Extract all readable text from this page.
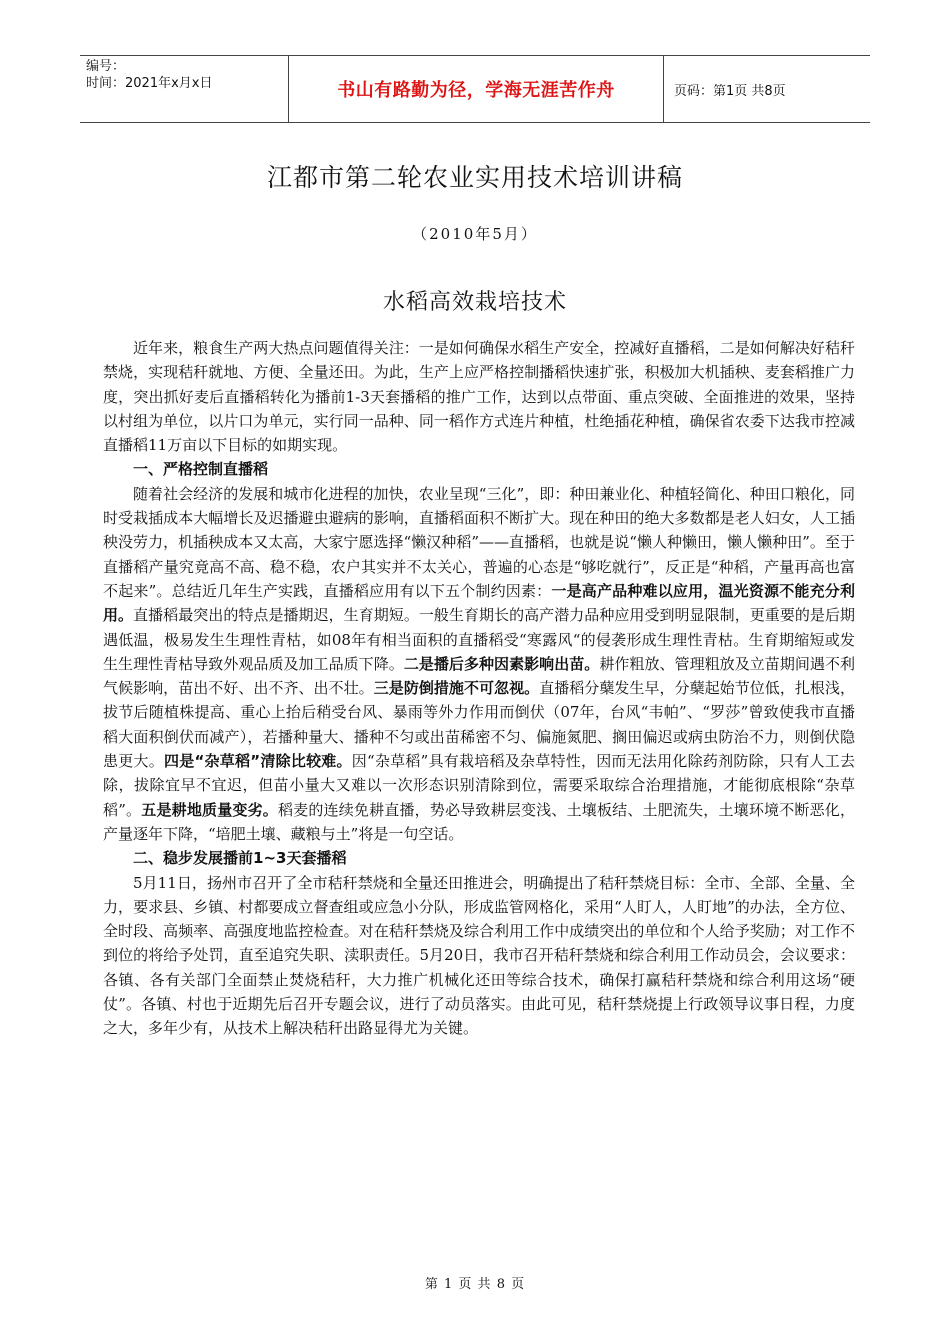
编号：
时间：2021年x月x日	书山有路勤为径，学海无涯苦作舟	页码：第1页 共8页
江都市第二轮农业实用技术培训讲稿
（2010年5月）
水稻高效栽培技术

近年来，粮食生产两大热点问题值得关注：一是如何确保水稻生产安全，控减好直播稻，二是如何解决好秸秆禁烧，实现秸秆就地、方便、全量还田。为此，生产上应严格控制播稻快速扩张，积极加大机插秧、麦套稻推广力度，突出抓好麦后直播稻转化为播前1-3天套播稻的推广工作，达到以点带面、重点突破、全面推进的效果，坚持以村组为单位，以片口为单元，实行同一品种、同一稻作方式连片种植，杜绝插花种植，确保省农委下达我市控减直播稻11万亩以下目标的如期实现。

一、严格控制直播稻

随着社会经济的发展和城市化进程的加快，农业呈现“三化”，即：种田兼业化、种植轻简化、种田口粮化，同时受栽插成本大幅增长及迟播避虫避病的影响，直播稻面积不断扩大。现在种田的绝大多数都是老人妇女，人工插秧没劳力，机插秧成本又太高，大家宁愿选择“懒汉种稻”——直播稻，也就是说“懒人种懒田，懒人懒种田”。至于直播稻产量究竟高不高、稳不稳，农户其实并不太关心，普遍的心态是“够吃就行”，反正是“种稻，产量再高也富不起来”。总结近几年生产实践，直播稻应用有以下五个制约因素：一是高产品种难以应用，温光资源不能充分利用。直播稻最突出的特点是播期迟，生育期短。一般生育期长的高产潜力品种应用受到明显限制，更重要的是后期遇低温，极易发生生理性青枯，如08年有相当面积的直播稻受“寒露风“的侵袭形成生理性青枯。生育期缩短或发生生理性青枯导致外观品质及加工品质下降。二是播后多种因素影响出苗。耕作粗放、管理粗放及立苗期间遇不利气候影响，苗出不好、出不齐、出不壮。三是防倒措施不可忽视。直播稻分蘖发生早，分蘖起始节位低，扎根浅，拔节后随植株提高、重心上抬后稍受台风、暴雨等外力作用而倒伏（07年，台风“韦帕”、“罗莎”曾致使我市直播稻大面积倒伏而减产），若播种量大、播种不匀或出苗稀密不匀、偏施氮肥、搁田偏迟或病虫防治不力，则倒伏隐患更大。四是“杂草稻”清除比较难。因“杂草稻”具有栽培稻及杂草特性，因而无法用化除药剂防除，只有人工去除，拔除宜早不宜迟，但苗小量大又难以一次形态识别清除到位，需要采取综合治理措施，才能彻底根除“杂草稻”。五是耕地质量变劣。稻麦的连续免耕直播，势必导致耕层变浅、土壤板结、土肥流失，土壤环境不断恶化，产量逐年下降，“培肥土壤、藏粮与土”将是一句空话。

二、稳步发展播前1~3天套播稻

5月11日，扬州市召开了全市秸秆禁烧和全量还田推进会，明确提出了秸秆禁烧目标：全市、全部、全量、全力，要求县、乡镇、村都要成立督查组或应急小分队，形成监管网格化，采用“人盯人，人盯地”的办法，全方位、全时段、高频率、高强度地监控检查。对在秸秆禁烧及综合利用工作中成绩突出的单位和个人给予奖励；对工作不到位的将给予处罚，直至追究失职、渎职责任。5月20日，我市召开秸秆禁烧和综合利用工作动员会，会议要求：各镇、各有关部门全面禁止焚烧秸秆，大力推广机械化还田等综合技术，确保打赢秸秆禁烧和综合利用这场“硬仗”。各镇、村也于近期先后召开专题会议，进行了动员落实。由此可见，秸秆禁烧提上行政领导议事日程，力度之大，多年少有，从技术上解决秸秆出路显得尤为关键。

第 1 页 共 8 页
